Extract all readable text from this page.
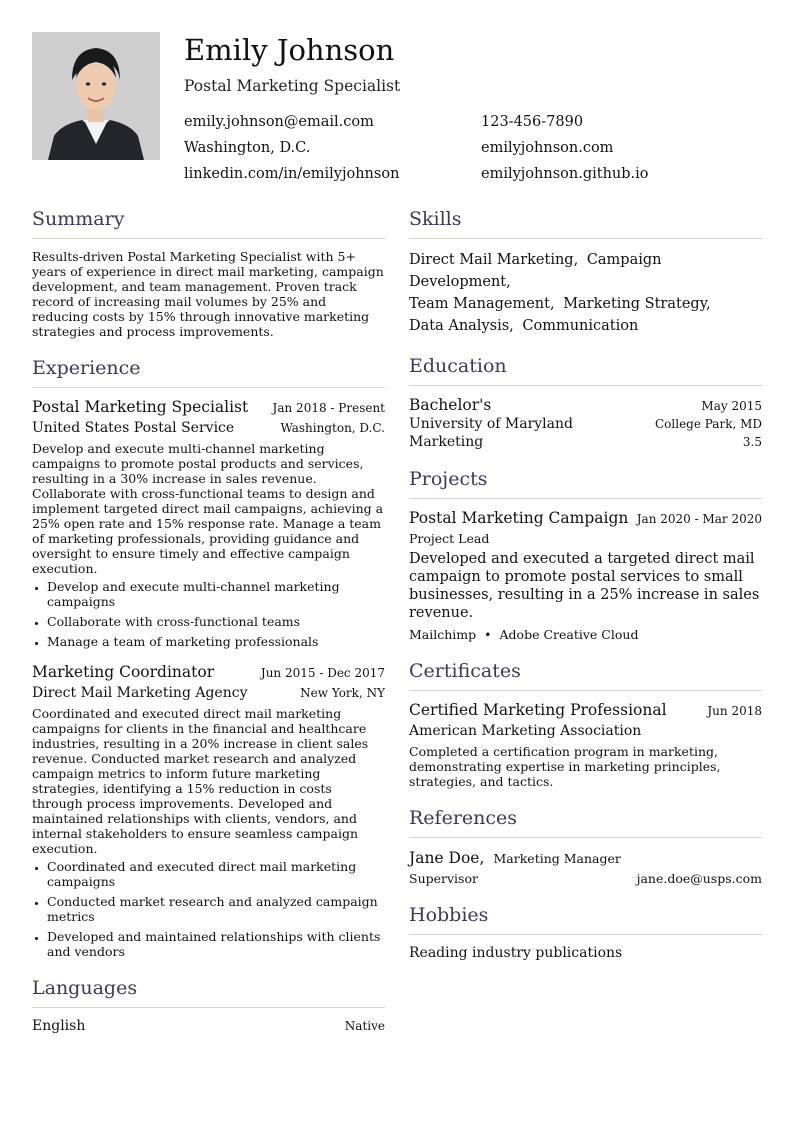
Emily Johnson
Postal Marketing Specialist
emily.johnson@email.com	123-456-7890
Washington, D.C.	emilyjohnson.com
linkedin.com/in/emilyjohnson	emilyjohnson.github.io
Summary
Results-driven Postal Marketing Specialist with 5+ years of experience in direct mail marketing, campaign development, and team management. Proven track record of increasing mail volumes by 25% and reducing costs by 15% through innovative marketing strategies and process improvements.
Experience
Postal Marketing Specialist Jan 2018 - Present
United States Postal Service	Washington, D.C.
Develop and execute multi-channel marketing campaigns to promote postal products and services, resulting in a 30% increase in sales revenue. Collaborate with cross-functional teams to design and implement targeted direct mail campaigns, achieving a 25% open rate and 15% response rate. Manage a team of marketing professionals, providing guidance and oversight to ensure timely and effective campaign execution.
• Develop and execute multi-channel marketing campaigns
• Collaborate with cross-functional teams
• Manage a team of marketing professionals
Marketing Coordinator	Jun 2015 - Dec 2017
Direct Mail Marketing Agency	New York, NY
Coordinated and executed direct mail marketing campaigns for clients in the financial and healthcare industries, resulting in a 20% increase in client sales revenue. Conducted market research and analyzed campaign metrics to inform future marketing strategies, identifying a 15% reduction in costs through process improvements. Developed and maintained relationships with clients, vendors, and internal stakeholders to ensure seamless campaign execution.
• Coordinated and executed direct mail marketing campaigns
• Conducted market research and analyzed campaign metrics
• Developed and maintained relationships with clients and vendors
Languages
English	Native
Skills
Direct Mail Marketing, Campaign Development,
Team Management, Marketing Strategy,
Data Analysis, Communication
Education
Bachelor's	May 2015
University of Maryland	College Park, MD
Marketing	3.5
Projects
Postal Marketing Campaign Jan 2020 - Mar 2020
Project Lead
Developed and executed a targeted direct mail campaign to promote postal services to small businesses, resulting in a 25% increase in sales revenue.
Mailchimp • Adobe Creative Cloud
Certificates
Certified Marketing Professional	Jun 2018
American Marketing Association
Completed a certification program in marketing, demonstrating expertise in marketing principles, strategies, and tactics.
References
Jane Doe, Marketing Manager
Supervisor	jane.doe@usps.com
Hobbies
Reading industry publications
